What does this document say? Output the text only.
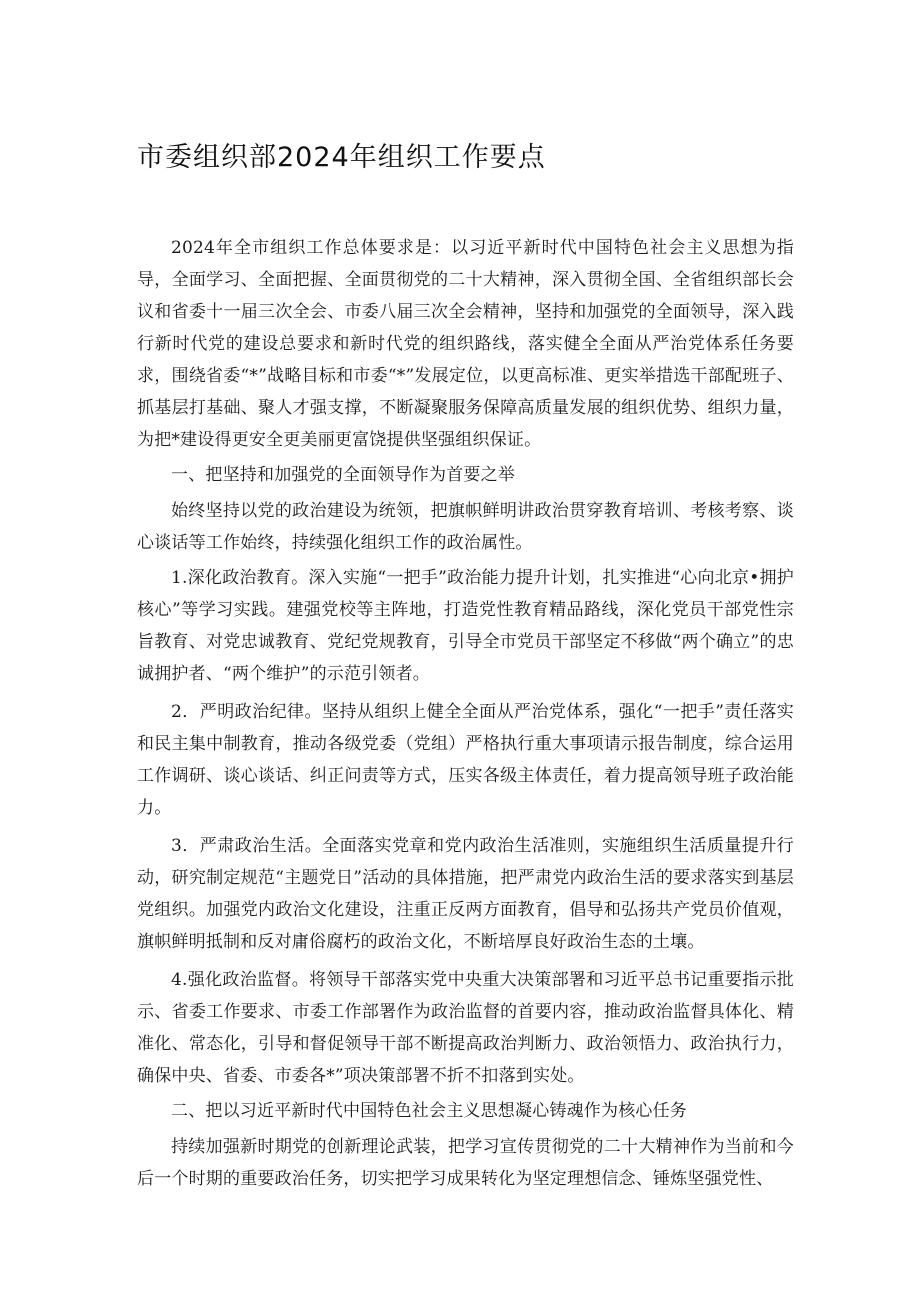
市委组织部2024年组织工作要点

2024年全市组织工作总体要求是：以习近平新时代中国特色社会主义思想为指导，全面学习、全面把握、全面贯彻党的二十大精神，深入贯彻全国、全省组织部长会议和省委十一届三次全会、市委八届三次全会精神，坚持和加强党的全面领导，深入践行新时代党的建设总要求和新时代党的组织路线，落实健全全面从严治党体系任务要求，围绕省委“*”战略目标和市委“*”发展定位，以更高标准、更实举措选干部配班子、抓基层打基础、聚人才强支撑，不断凝聚服务保障高质量发展的组织优势、组织力量，为把*建设得更安全更美丽更富饶提供坚强组织保证。

一、把坚持和加强党的全面领导作为首要之举

始终坚持以党的政治建设为统领，把旗帜鲜明讲政治贯穿教育培训、考核考察、谈心谈话等工作始终，持续强化组织工作的政治属性。

1.深化政治教育。深入实施“一把手”政治能力提升计划，扎实推进“心向北京•拥护核心”等学习实践。建强党校等主阵地，打造党性教育精品路线，深化党员干部党性宗旨教育、对党忠诚教育、党纪党规教育，引导全市党员干部坚定不移做“两个确立”的忠诚拥护者、“两个维护”的示范引领者。

2．严明政治纪律。坚持从组织上健全全面从严治党体系，强化“一把手”责任落实和民主集中制教育，推动各级党委（党组）严格执行重大事项请示报告制度，综合运用工作调研、谈心谈话、纠正问责等方式，压实各级主体责任，着力提高领导班子政治能力。

3．严肃政治生活。全面落实党章和党内政治生活准则，实施组织生活质量提升行动，研究制定规范“主题党日”活动的具体措施，把严肃党内政治生活的要求落实到基层党组织。加强党内政治文化建设，注重正反两方面教育，倡导和弘扬共产党员价值观，旗帜鲜明抵制和反对庸俗腐朽的政治文化，不断培厚良好政治生态的土壤。

4.强化政治监督。将领导干部落实党中央重大决策部署和习近平总书记重要指示批示、省委工作要求、市委工作部署作为政治监督的首要内容，推动政治监督具体化、精准化、常态化，引导和督促领导干部不断提高政治判断力、政治领悟力、政治执行力，确保中央、省委、市委各*”项决策部署不折不扣落到实处。

二、把以习近平新时代中国特色社会主义思想凝心铸魂作为核心任务

持续加强新时期党的创新理论武装，把学习宣传贯彻党的二十大精神作为当前和今后一个时期的重要政治任务，切实把学习成果转化为坚定理想信念、锤炼坚强党性、
